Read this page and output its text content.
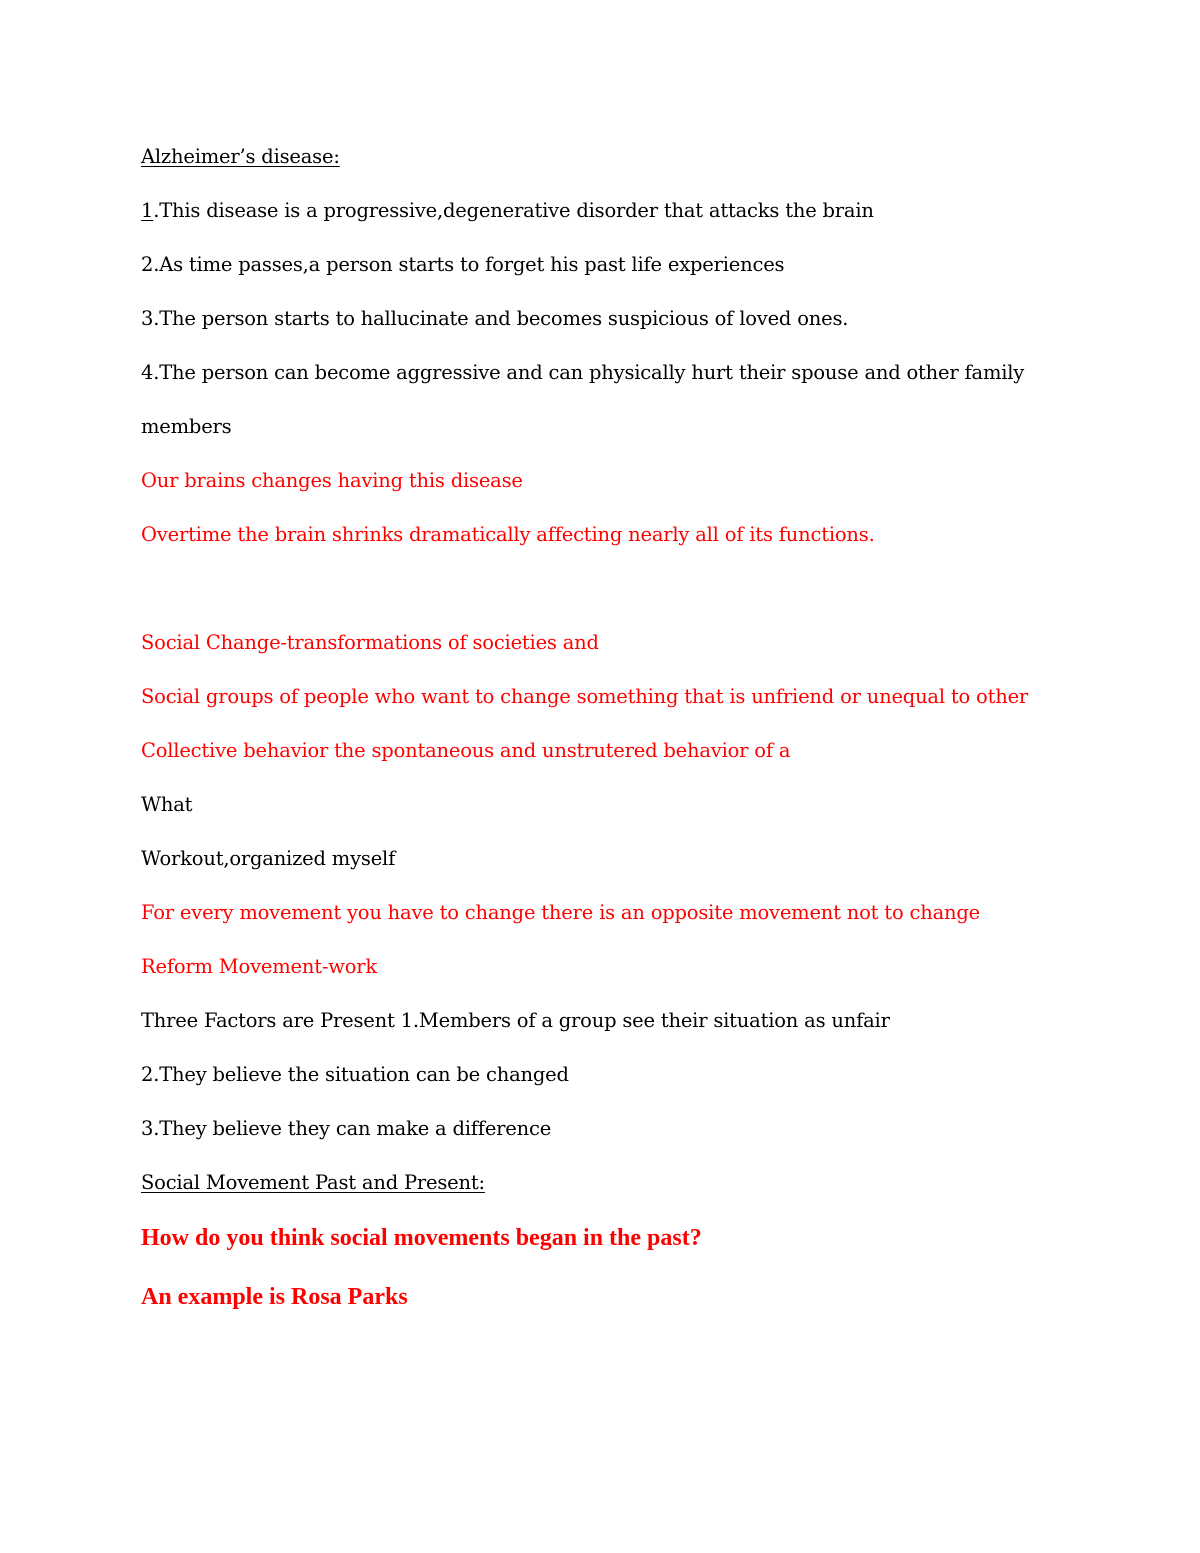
Alzheimer’s disease:

1.This disease is a progressive,degenerative disorder that attacks the brain

2.As time passes,a person starts to forget his past life experiences

3.The person starts to hallucinate and becomes suspicious of loved ones.

4.The person can become aggressive and can physically hurt their spouse and other family

members

Our brains changes having this disease

Overtime the brain shrinks dramatically affecting nearly all of its functions.

Social Change-transformations of societies and

Social groups of people who want to change something that is unfriend or unequal to other

Collective behavior the spontaneous and unstrutered behavior of a

What

Workout,organized myself

For every movement you have to change there is an opposite movement not to change

Reform Movement-work

Three Factors are Present 1.Members of a group see their situation as unfair

2.They believe the situation can be changed

3.They believe they can make a difference

Social Movement Past and Present:

How do you think social movements began in the past?

An example is Rosa Parks
